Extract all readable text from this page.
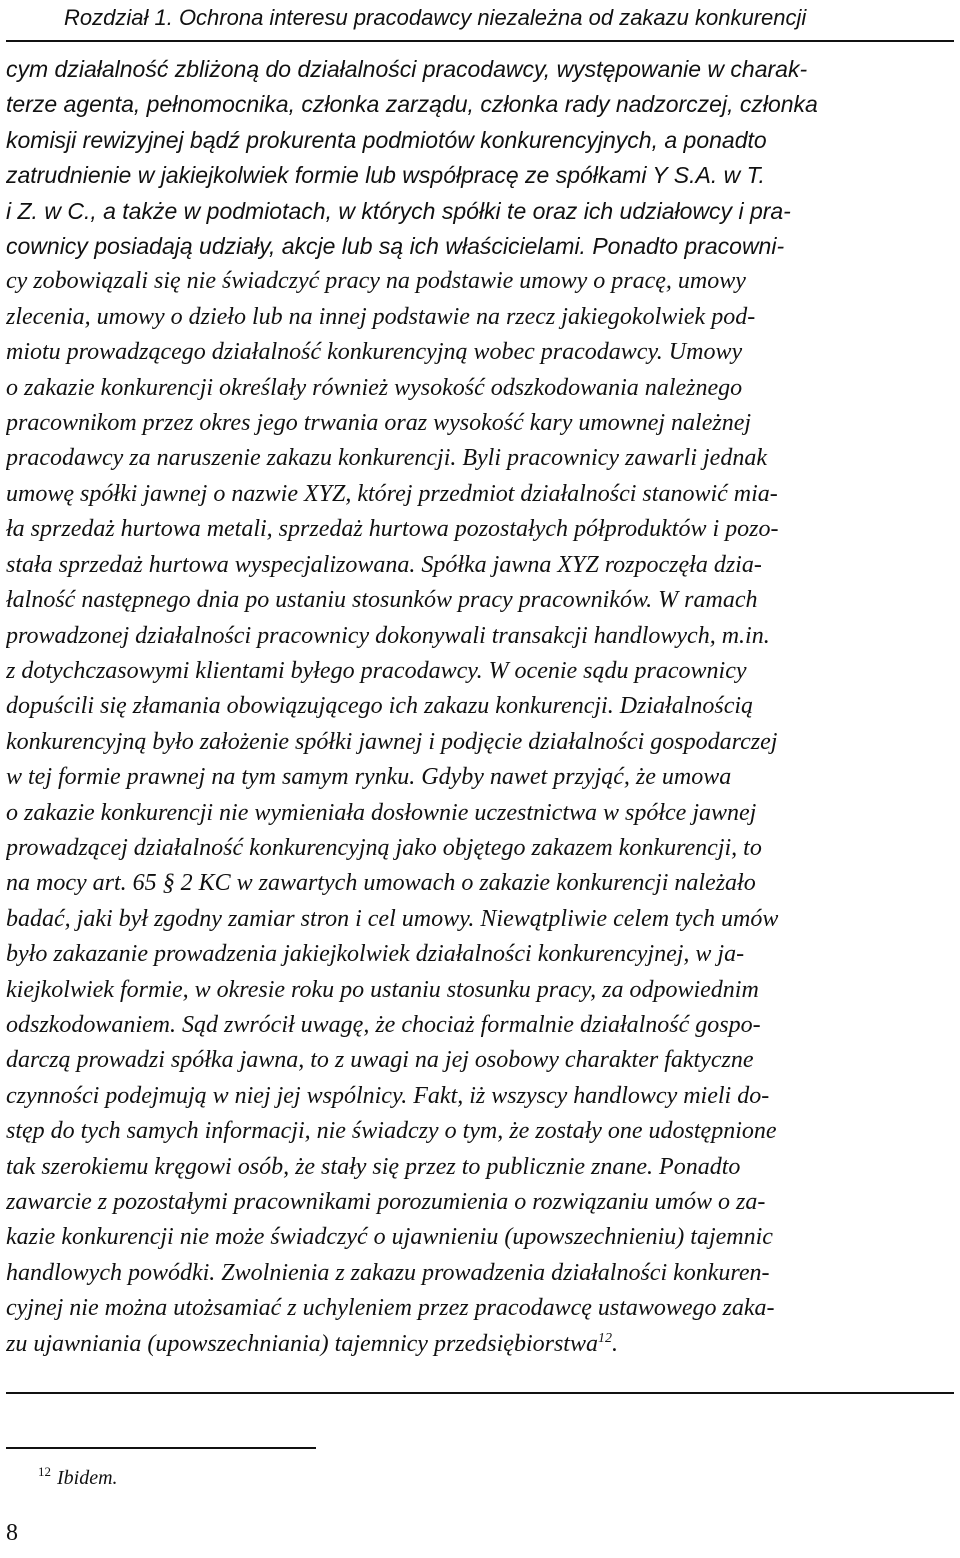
Rozdział 1. Ochrona interesu pracodawcy niezależna od zakazu konkurencji
cym działalność zbliżoną do działalności pracodawcy, występowanie w charak-
terze agenta, pełnomocnika, członka zarządu, członka rady nadzorczej, członka
komisji rewizyjnej bądź prokurenta podmiotów konkurencyjnych, a ponadto
zatrudnienie w jakiejkolwiek formie lub współpracę ze spółkami Y S.A. w T.
i Z. w C., a także w podmiotach, w których spółki te oraz ich udziałowcy i pra-
cownicy posiadają udziały, akcje lub są ich właścicielami. Ponadto pracowni-
cy zobowiązali się nie świadczyć pracy na podstawie umowy o pracę, umowy
zlecenia, umowy o dzieło lub na innej podstawie na rzecz jakiegokolwiek pod-
miotu prowadzącego działalność konkurencyjną wobec pracodawcy. Umowy
o zakazie konkurencji określały również wysokość odszkodowania należnego
pracownikom przez okres jego trwania oraz wysokość kary umownej należnej
pracodawcy za naruszenie zakazu konkurencji. Byli pracownicy zawarli jednak
umowę spółki jawnej o nazwie XYZ, której przedmiot działalności stanowić mia-
ła sprzedaż hurtowa metali, sprzedaż hurtowa pozostałych półproduktów i pozo-
stała sprzedaż hurtowa wyspecjalizowana. Spółka jawna XYZ rozpoczęła dzia-
łalność następnego dnia po ustaniu stosunków pracy pracowników. W ramach
prowadzonej działalności pracownicy dokonywali transakcji handlowych, m.in.
z dotychczasowymi klientami byłego pracodawcy. W ocenie sądu pracownicy
dopuścili się złamania obowiązującego ich zakazu konkurencji. Działalnością
konkurencyjną było założenie spółki jawnej i podjęcie działalności gospodarczej
w tej formie prawnej na tym samym rynku. Gdyby nawet przyjąć, że umowa
o zakazie konkurencji nie wymieniała dosłownie uczestnictwa w spółce jawnej
prowadzącej działalność konkurencyjną jako objętego zakazem konkurencji, to
na mocy art. 65 § 2 KC w zawartych umowach o zakazie konkurencji należało
badać, jaki był zgodny zamiar stron i cel umowy. Niewątpliwie celem tych umów
było zakazanie prowadzenia jakiejkolwiek działalności konkurencyjnej, w ja-
kiejkolwiek formie, w okresie roku po ustaniu stosunku pracy, za odpowiednim
odszkodowaniem. Sąd zwrócił uwagę, że chociaż formalnie działalność gospo-
darczą prowadzi spółka jawna, to z uwagi na jej osobowy charakter faktyczne
czynności podejmują w niej jej wspólnicy. Fakt, iż wszyscy handlowcy mieli do-
stęp do tych samych informacji, nie świadczy o tym, że zostały one udostępnione
tak szerokiemu kręgowi osób, że stały się przez to publicznie znane. Ponadto
zawarcie z pozostałymi pracownikami porozumienia o rozwiązaniu umów o za-
kazie konkurencji nie może świadczyć o ujawnieniu (upowszechnieniu) tajemnic
handlowych powódki. Zwolnienia z zakazu prowadzenia działalności konkuren-
cyjnej nie można utożsamiać z uchyleniem przez pracodawcę ustawowego zaka-
zu ujawniania (upowszechniania) tajemnicy przedsiębiorstwa$^{12}$.
$^{12}$ Ibidem.
8
